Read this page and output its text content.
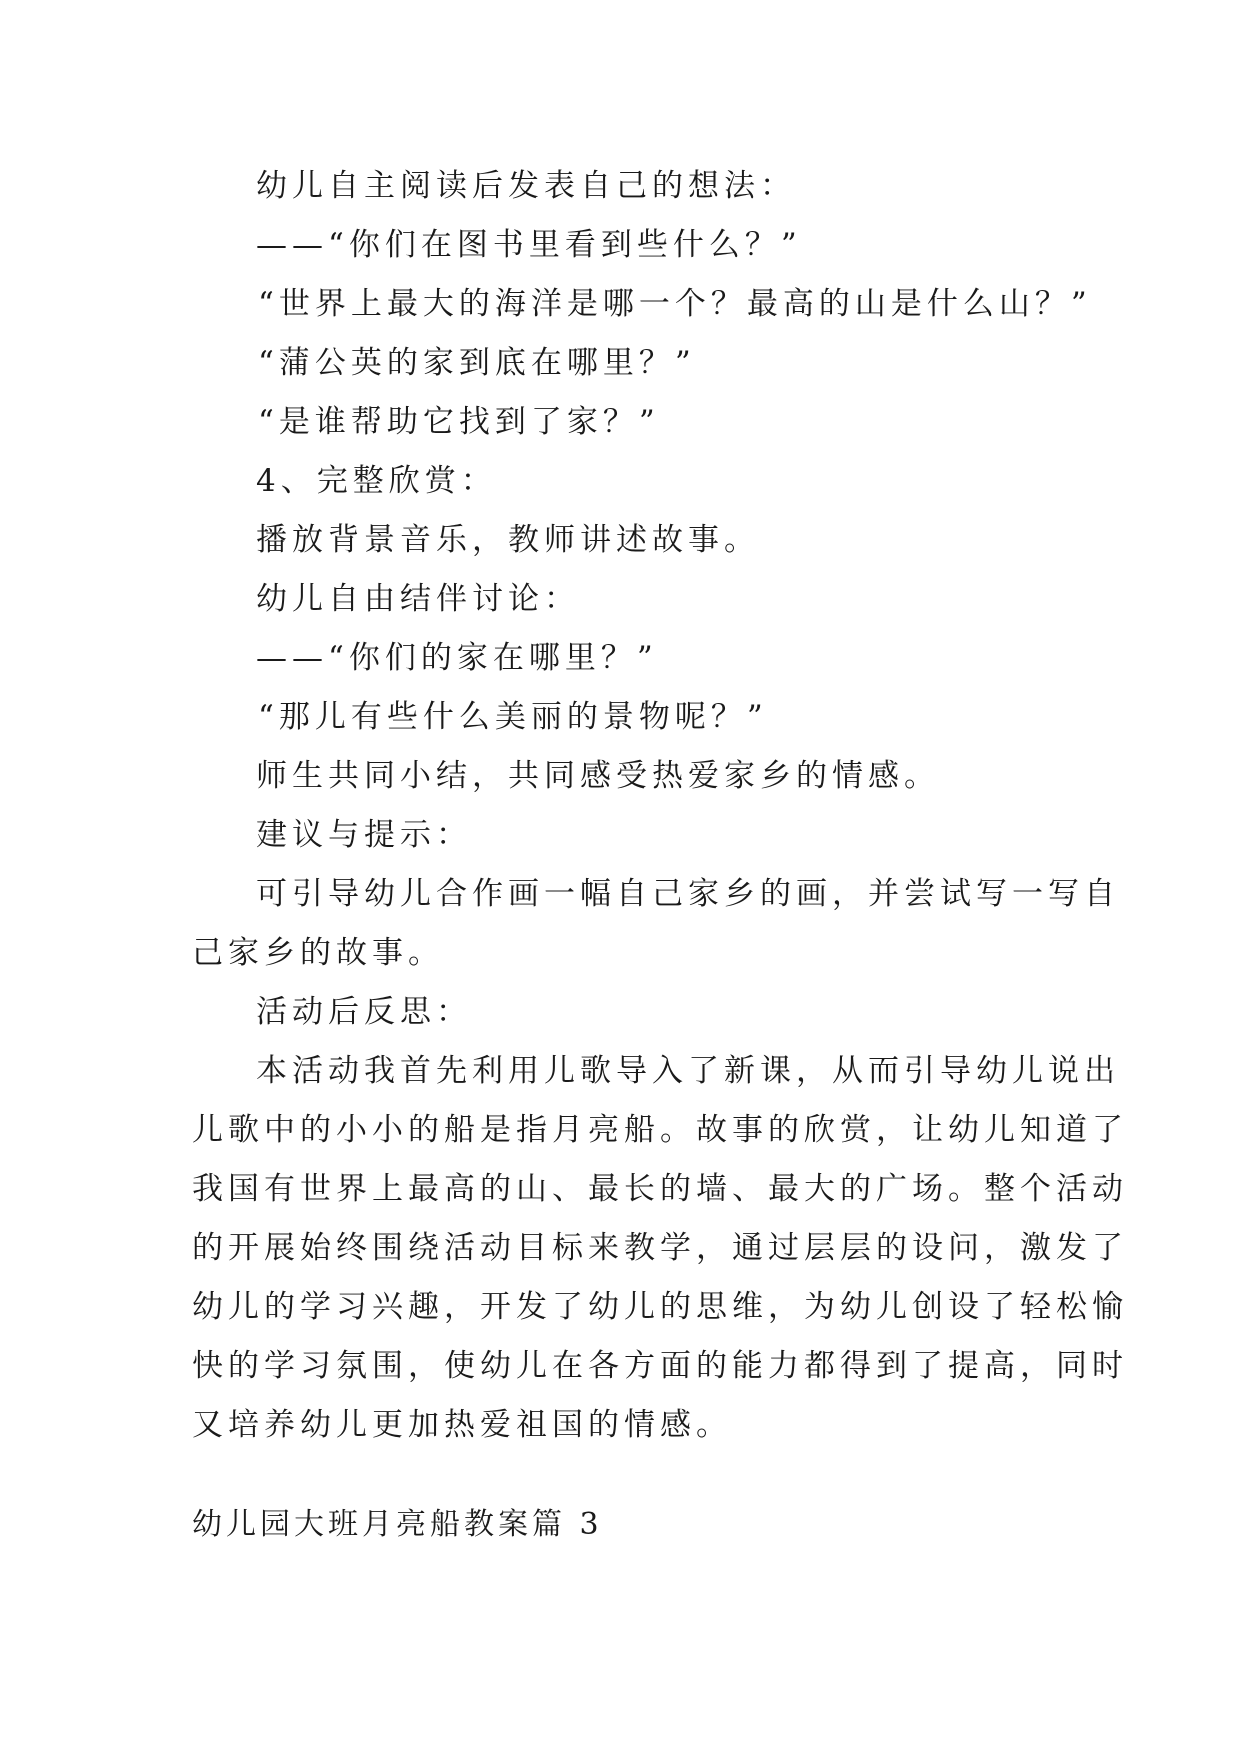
幼儿自主阅读后发表自己的想法：
——“你们在图书里看到些什么？”
“世界上最大的海洋是哪一个？最高的山是什么山？”
“蒲公英的家到底在哪里？”
“是谁帮助它找到了家？”
4、完整欣赏：
播放背景音乐，教师讲述故事。
幼儿自由结伴讨论：
——“你们的家在哪里？”
“那儿有些什么美丽的景物呢？”
师生共同小结，共同感受热爱家乡的情感。
建议与提示：
可引导幼儿合作画一幅自己家乡的画，并尝试写一写自
己家乡的故事。
活动后反思：
本活动我首先利用儿歌导入了新课，从而引导幼儿说出
儿歌中的小小的船是指月亮船。故事的欣赏，让幼儿知道了
我国有世界上最高的山、最长的墙、最大的广场。整个活动
的开展始终围绕活动目标来教学，通过层层的设问，激发了
幼儿的学习兴趣，开发了幼儿的思维，为幼儿创设了轻松愉
快的学习氛围，使幼儿在各方面的能力都得到了提高，同时
又培养幼儿更加热爱祖国的情感。
幼儿园大班月亮船教案篇 3
